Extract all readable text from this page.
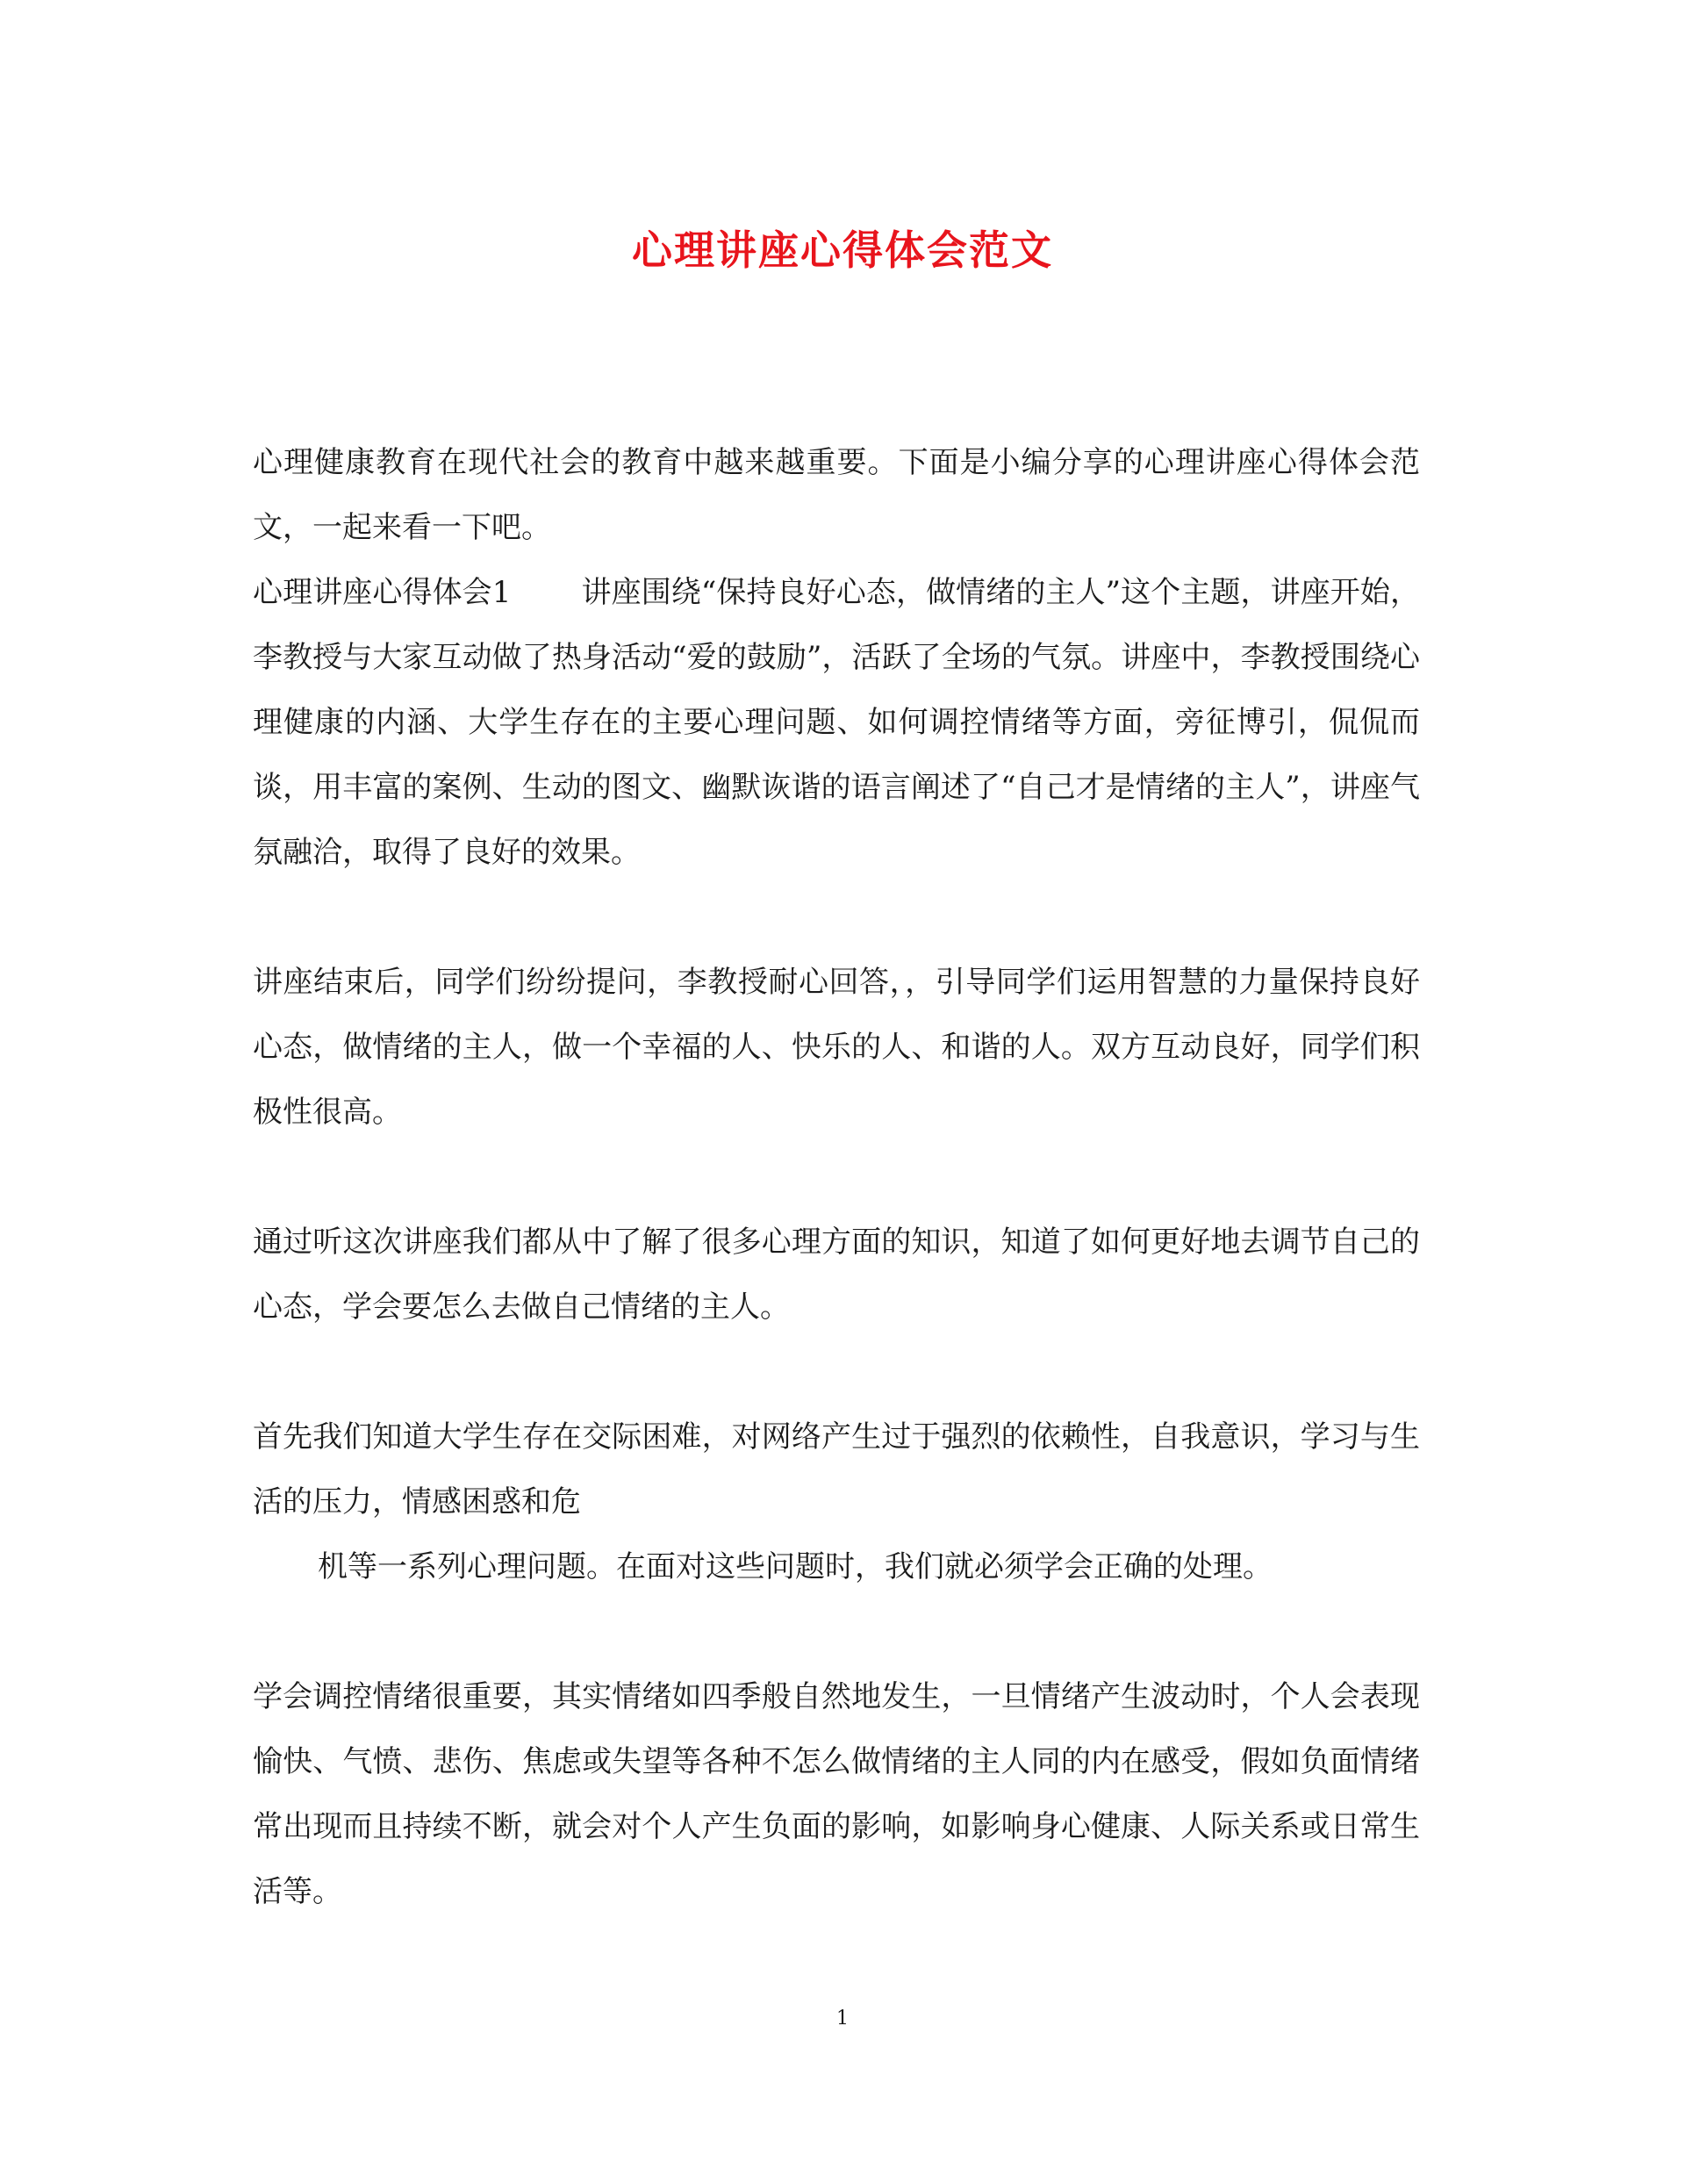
心理讲座心得体会范文

心理健康教育在现代社会的教育中越来越重要。下面是小编分享的心理讲座心得体会范文，一起来看一下吧。

心理讲座心得体会1 讲座围绕“保持良好心态，做情绪的主人”这个主题，讲座开始，李教授与大家互动做了热身活动“爱的鼓励”，活跃了全场的气氛。讲座中，李教授围绕心理健康的内涵、大学生存在的主要心理问题、如何调控情绪等方面，旁征博引，侃侃而谈，用丰富的案例、生动的图文、幽默诙谐的语言阐述了“自己才是情绪的主人”，讲座气氛融洽，取得了良好的效果。

讲座结束后，同学们纷纷提问，李教授耐心回答，，引导同学们运用智慧的力量保持良好心态，做情绪的主人，做一个幸福的人、快乐的人、和谐的人。双方互动良好，同学们积极性很高。

通过听这次讲座我们都从中了解了很多心理方面的知识，知道了如何更好地去调节自己的心态，学会要怎么去做自己情绪的主人。

首先我们知道大学生存在交际困难，对网络产生过于强烈的依赖性，自我意识，学习与生活的压力，情感困惑和危

机等一系列心理问题。在面对这些问题时，我们就必须学会正确的处理。

学会调控情绪很重要，其实情绪如四季般自然地发生，一旦情绪产生波动时，个人会表现愉快、气愤、悲伤、焦虑或失望等各种不怎么做情绪的主人同的内在感受，假如负面情绪常出现而且持续不断，就会对个人产生负面的影响，如影响身心健康、人际关系或日常生活等。

1
